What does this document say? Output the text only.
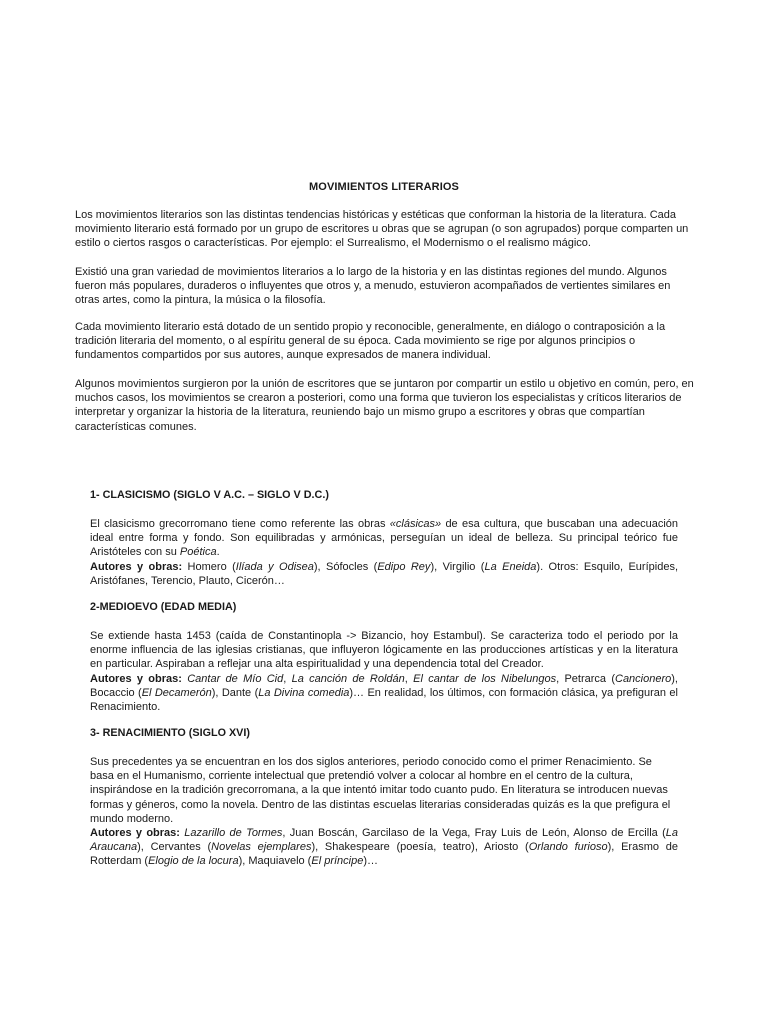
MOVIMIENTOS LITERARIOS

Los movimientos literarios son las distintas tendencias históricas y estéticas que conforman la historia de la literatura. Cada movimiento literario está formado por un grupo de escritores u obras que se agrupan (o son agrupados) porque comparten un estilo o ciertos rasgos o características. Por ejemplo: el Surrealismo, el Modernismo o el realismo mágico.

Existió una gran variedad de movimientos literarios a lo largo de la historia y en las distintas regiones del mundo. Algunos fueron más populares, duraderos o influyentes que otros y, a menudo, estuvieron acompañados de vertientes similares en otras artes, como la pintura, la música o la filosofía.

Cada movimiento literario está dotado de un sentido propio y reconocible, generalmente, en diálogo o contraposición a la tradición literaria del momento, o al espíritu general de su época. Cada movimiento se rige por algunos principios o fundamentos compartidos por sus autores, aunque expresados de manera individual.

Algunos movimientos surgieron por la unión de escritores que se juntaron por compartir un estilo u objetivo en común, pero, en muchos casos, los movimientos se crearon a posteriori, como una forma que tuvieron los especialistas y críticos literarios de interpretar y organizar la historia de la literatura, reuniendo bajo un mismo grupo a escritores y obras que compartían características comunes.

1- CLASICISMO (SIGLO V A.C. – SIGLO V D.C.)

El clasicismo grecorromano tiene como referente las obras «clásicas» de esa cultura, que buscaban una adecuación ideal entre forma y fondo. Son equilibradas y armónicas, perseguían un ideal de belleza. Su principal teórico fue Aristóteles con su Poética.

Autores y obras: Homero (Ilíada y Odisea), Sófocles (Edipo Rey), Virgilio (La Eneida). Otros: Esquilo, Eurípides, Aristófanes, Terencio, Plauto, Cicerón…

2-MEDIOEVO (EDAD MEDIA)

Se extiende hasta 1453 (caída de Constantinopla -> Bizancio, hoy Estambul). Se caracteriza todo el periodo por la enorme influencia de las iglesias cristianas, que influyeron lógicamente en las producciones artísticas y en la literatura en particular. Aspiraban a reflejar una alta espiritualidad y una dependencia total del Creador.

Autores y obras: Cantar de Mío Cid, La canción de Roldán, El cantar de los Nibelungos, Petrarca (Cancionero), Bocaccio (El Decamerón), Dante (La Divina comedia)… En realidad, los últimos, con formación clásica, ya prefiguran el Renacimiento.

3- RENACIMIENTO (SIGLO XVI)

Sus precedentes ya se encuentran en los dos siglos anteriores, periodo conocido como el primer Renacimiento. Se basa en el Humanismo, corriente intelectual que pretendió volver a colocar al hombre en el centro de la cultura, inspirándose en la tradición grecorromana, a la que intentó imitar todo cuanto pudo. En literatura se introducen nuevas formas y géneros, como la novela. Dentro de las distintas escuelas literarias consideradas quizás es la que prefigura el mundo moderno.

Autores y obras: Lazarillo de Tormes, Juan Boscán, Garcilaso de la Vega, Fray Luis de León, Alonso de Ercilla (La Araucana), Cervantes (Novelas ejemplares), Shakespeare (poesía, teatro), Ariosto (Orlando furioso), Erasmo de Rotterdam (Elogio de la locura), Maquiavelo (El príncipe)…
